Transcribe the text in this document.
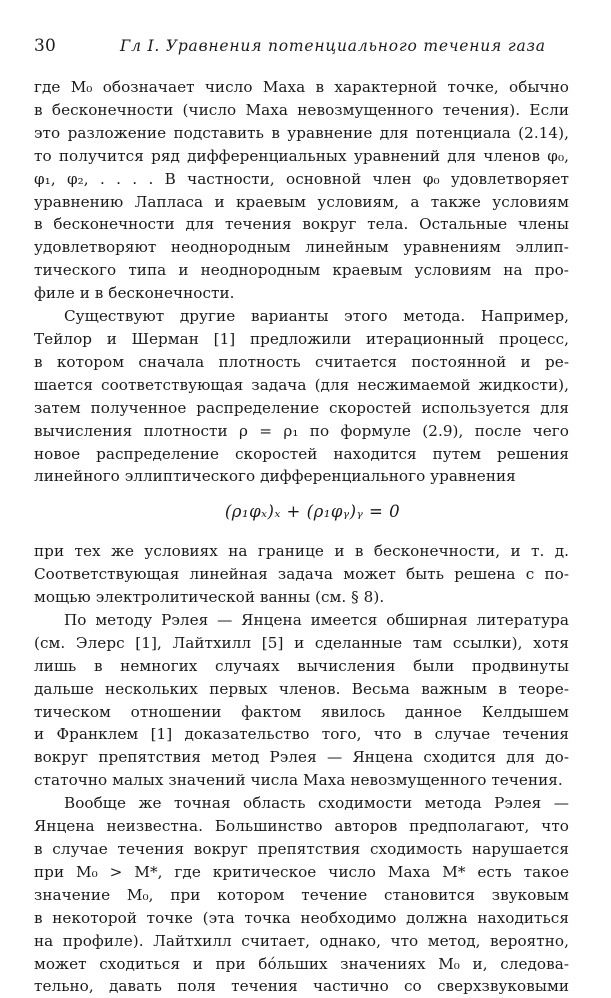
30	Гл I. Уравнения потенциального течения газа

где M₀ обозначает число Маха в характерной точке, обычно
в бесконечности (число Маха невозмущенного течения). Если
это разложение подставить в уравнение для потенциала (2.14),
то получится ряд дифференциальных уравнений для членов φ₀,
φ₁, φ₂, . . . . В частности, основной член φ₀ удовлетворяет
уравнению Лапласа и краевым условиям, а также условиям
в бесконечности для течения вокруг тела. Остальные члены
удовлетворяют неоднородным линейным уравнениям эллип-
тического типа и неоднородным краевым условиям на про-
филе и в бесконечности.

Существуют другие варианты этого метода. Например,
Тейлор и Шерман [1] предложили итерационный процесс,
в котором сначала плотность считается постоянной и ре-
шается соответствующая задача (для несжимаемой жидкости),
затем полученное распределение скоростей используется для
вычисления плотности ρ = ρ₁ по формуле (2.9), после чего
новое распределение скоростей находится путем решения
линейного эллиптического дифференциального уравнения

(ρ₁φₓ)ₓ + (ρ₁φᵧ)ᵧ = 0

при тех же условиях на границе и в бесконечности, и т. д.
Соответствующая линейная задача может быть решена с по-
мощью электролитической ванны (см. § 8).

По методу Рэлея — Янцена имеется обширная литература
(см. Элерс [1], Лайтхилл [5] и сделанные там ссылки), хотя
лишь в немногих случаях вычисления были продвинуты
дальше нескольких первых членов. Весьма важным в теоре-
тическом отношении фактом явилось данное Келдышем
и Франклем [1] доказательство того, что в случае течения
вокруг препятствия метод Рэлея — Янцена сходится для до-
статочно малых значений числа Маха невозмущенного течения.

Вообще же точная область сходимости метода Рэлея —
Янцена неизвестна. Большинство авторов предполагают, что
в случае течения вокруг препятствия сходимость нарушается
при M₀ > M*, где критическое число Маха M* есть такое
значение M₀, при котором течение становится звуковым
в некоторой точке (эта точка необходимо должна находиться
на профиле). Лайтхилл считает, однако, что метод, вероятно,
может сходиться и при бо́льших значениях M₀ и, следова-
тельно, давать поля течения частично со сверхзвуковыми
